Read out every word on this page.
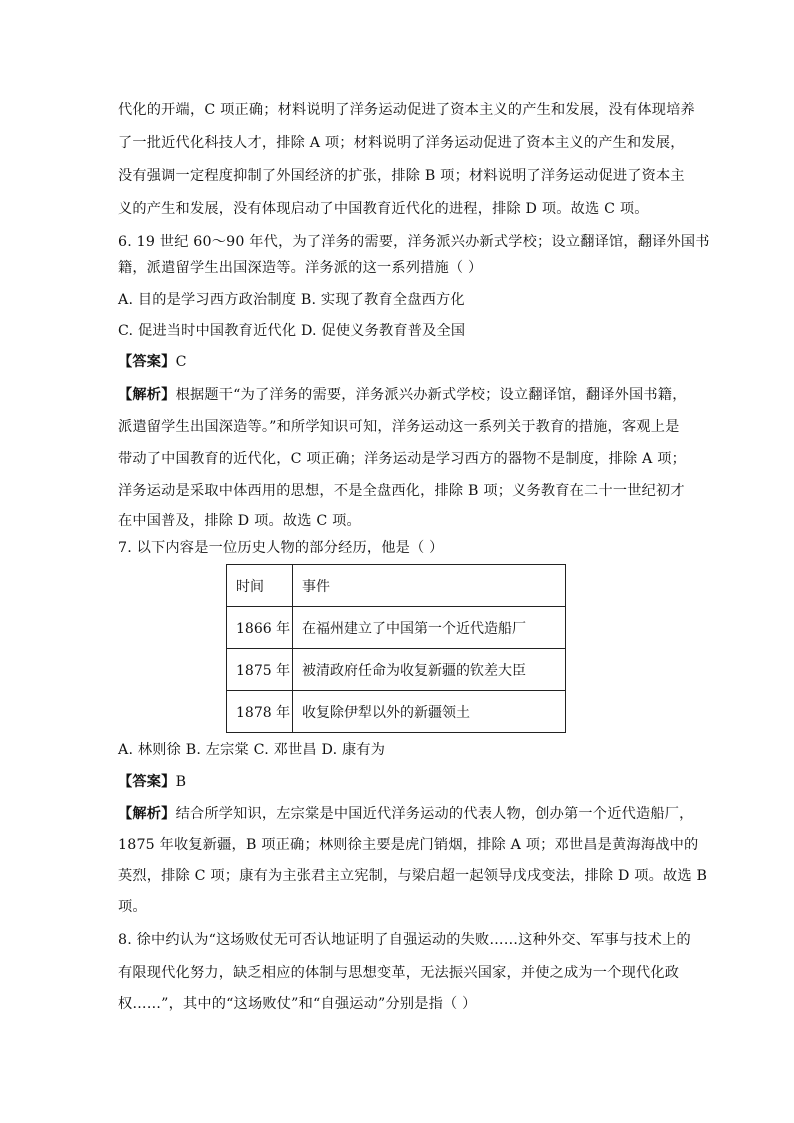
代化的开端，C 项正确；材料说明了洋务运动促进了资本主义的产生和发展，没有体现培养
了一批近代化科技人才，排除 A 项；材料说明了洋务运动促进了资本主义的产生和发展，
没有强调一定程度抑制了外国经济的扩张，排除 B 项；材料说明了洋务运动促进了资本主
义的产生和发展，没有体现启动了中国教育近代化的进程，排除 D 项。故选 C 项。
6. 19 世纪 60～90 年代，为了洋务的需要，洋务派兴办新式学校；设立翻译馆，翻译外国书
籍，派遣留学生出国深造等。洋务派的这一系列措施（ ）
A. 目的是学习西方政治制度 B. 实现了教育全盘西方化
C. 促进当时中国教育近代化 D. 促使义务教育普及全国
【答案】C
【解析】根据题干“为了洋务的需要，洋务派兴办新式学校；设立翻译馆，翻译外国书籍，
派遣留学生出国深造等。”和所学知识可知，洋务运动这一系列关于教育的措施，客观上是
带动了中国教育的近代化，C 项正确；洋务运动是学习西方的器物不是制度，排除 A 项；
洋务运动是采取中体西用的思想，不是全盘西化，排除 B 项；义务教育在二十一世纪初才
在中国普及，排除 D 项。故选 C 项。
7. 以下内容是一位历史人物的部分经历，他是（ ）
时间	事件
1866 年	在福州建立了中国第一个近代造船厂
1875 年	被清政府任命为收复新疆的钦差大臣
1878 年	收复除伊犁以外的新疆领土
A. 林则徐 B. 左宗棠 C. 邓世昌 D. 康有为
【答案】B
【解析】结合所学知识，左宗棠是中国近代洋务运动的代表人物，创办第一个近代造船厂，
1875 年收复新疆，B 项正确；林则徐主要是虎门销烟，排除 A 项；邓世昌是黄海海战中的
英烈，排除 C 项；康有为主张君主立宪制，与梁启超一起领导戊戌变法，排除 D 项。故选 B
项。
8. 徐中约认为“这场败仗无可否认地证明了自强运动的失败……这种外交、军事与技术上的
有限现代化努力，缺乏相应的体制与思想变革，无法振兴国家，并使之成为一个现代化政
权……”，其中的“这场败仗”和“自强运动”分别是指（ ）
